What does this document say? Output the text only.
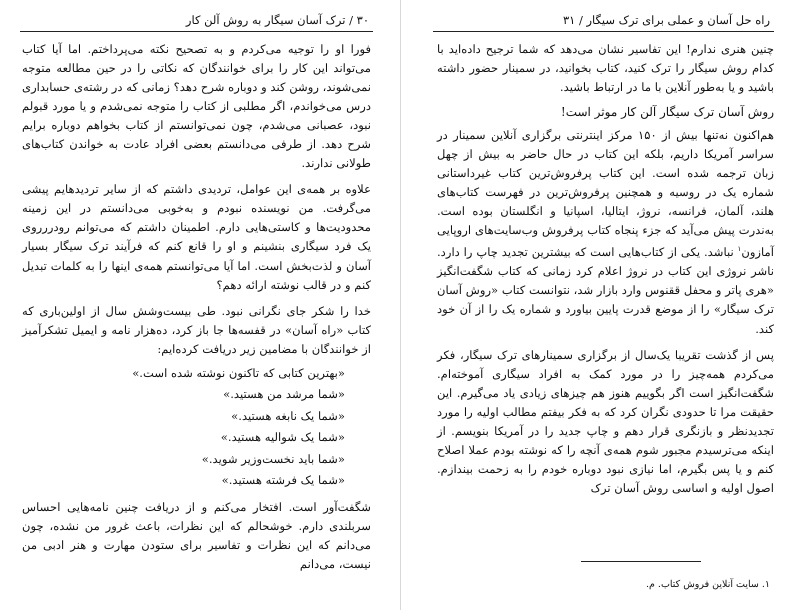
۳۰ / ترک آسان سیگار به روش آلن کار

فورا او را توجیه می‌کردم و به تصحیح نکته می‌پرداختم. اما آیا کتاب می‌تواند این کار را برای خوانندگان که نکاتی را در حین مطالعه متوجه نمی‌شوند، روشن کند و دوباره شرح دهد؟ زمانی که در رشته‌ی حسابداری درس می‌خواندم، اگر مطلبی از کتاب را متوجه نمی‌شدم و یا مورد قبولم نبود، عصبانی می‌شدم، چون نمی‌توانستم از کتاب بخواهم دوباره برایم شرح دهد. از طرفی می‌دانستم بعضی افراد عادت به خواندن کتاب‌های طولانی ندارند.

علاوه بر همه‌ی این عوامل، تردیدی داشتم که از سایر تردیدهایم پیشی می‌گرفت. من نویسنده نبودم و به‌خوبی می‌دانستم در این زمینه محدودیت‌ها و کاستی‌هایی دارم. اطمینان داشتم که می‌توانم رودررروی یک فرد سیگاری بنشینم و او را قانع کنم که فرآیند ترک سیگار بسیار آسان و لذت‌بخش است. اما آیا می‌توانستم همه‌ی اینها را به کلمات تبدیل کنم و در قالب نوشته ارائه دهم؟

خدا را شکر جای نگرانی نبود. طی بیست‌وشش سال از اولین‌باری که کتاب «راه آسان» در قفسه‌ها جا باز کرد، ده‌هزار نامه و ایمیل تشکرآمیز از خوانندگان با مضامین زیر دریافت کرده‌ایم:

«بهترین کتابی که تاکنون نوشته شده است.»
«شما مرشد من هستید.»
«شما یک نابغه هستید.»
«شما یک شوالیه هستید.»
«شما باید نخست‌وزیر شوید.»
«شما یک فرشته هستید.»

شگفت‌آور است. افتخار می‌کنم و از دریافت چنین نامه‌هایی احساس سربلندی دارم. خوشحالم که این نظرات، باعث غرور من نشده، چون می‌دانم که این نظرات و تفاسیر برای ستودن مهارت و هنر ادبی من نیست، می‌دانم

راه حل آسان و عملی برای ترک سیگار / ۳۱

چنین هنری ندارم! این تفاسیر نشان می‌دهد که شما ترجیح داده‌اید با کدام روش سیگار را ترک کنید، کتاب بخوانید، در سمینار حضور داشته باشید و یا به‌طور آنلاین با ما در ارتباط باشید.

روش آسان ترک سیگار آلن کار موثر است!

هم‌اکنون نه‌تنها بیش از ۱۵۰ مرکز اینترنتی برگزاری آنلاین سمینار در سراسر آمریکا داریم، بلکه این کتاب در حال حاضر به بیش از چهل زبان ترجمه شده است. این کتاب پرفروش‌ترین کتاب غیرداستانی شماره یک در روسیه و همچنین پرفروش‌ترین در فهرست کتاب‌های هلند، آلمان، فرانسه، نروژ، ایتالیا، اسپانیا و انگلستان بوده است. به‌ندرت پیش می‌آید که جزء پنجاه کتاب پرفروش وب‌سایت‌های اروپایی آمازون$^۱$ نباشد. یکی از کتاب‌هایی است که بیشترین تجدید چاپ را دارد. ناشر نروژی این کتاب در نروژ اعلام کرد زمانی که کتاب شگفت‌انگیز «هری پاتر و محفل ققنوس وارد بازار شد، نتوانست کتاب «روش آسان ترک سیگار» را از موضع قدرت پایین بیاورد و شماره یک را از آن خود کند.

پس از گذشت تقریبا یک‌سال از برگزاری سمینارهای ترک سیگار، فکر می‌کردم همه‌چیز را در مورد کمک به افراد سیگاری آموخته‌ام. شگفت‌انگیز است اگر بگوییم هنوز هم چیزهای زیادی یاد می‌گیرم. این حقیقت مرا تا حدودی نگران کرد که به فکر بیفتم مطالب اولیه را مورد تجدیدنظر و بازنگری قرار دهم و چاپ جدید را در آمریکا بنویسم. از اینکه می‌ترسیدم مجبور شوم همه‌ی آنچه را که نوشته بودم عملا اصلاح کنم و یا پس بگیرم، اما نیازی نبود دوباره خودم را به زحمت بیندازم. اصول اولیه و اساسی روش آسان ترک

۱. سایت آنلاین فروش کتاب. م.
